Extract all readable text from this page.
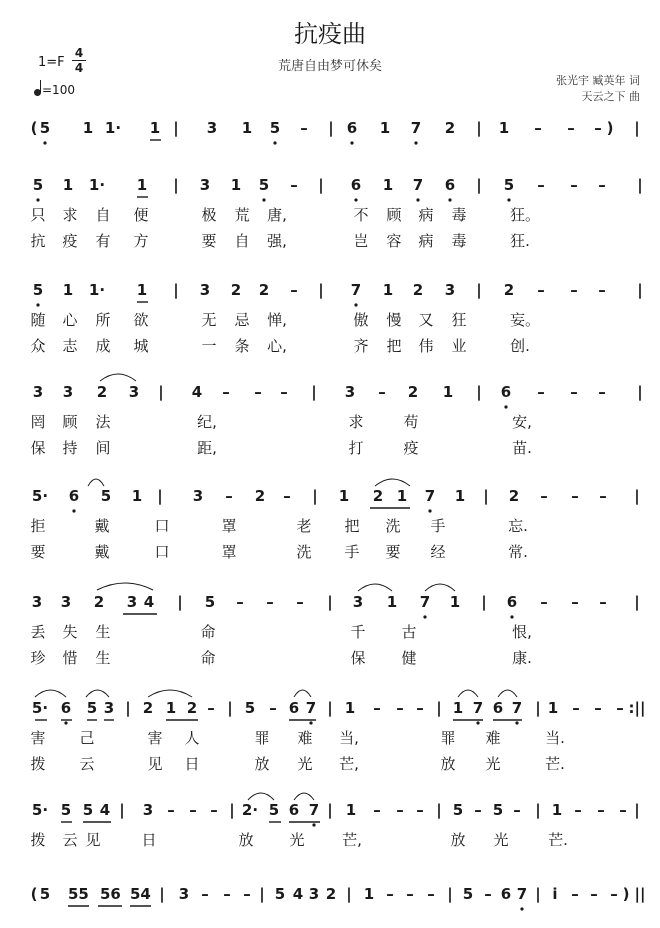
抗疫曲
荒唐自由梦可休矣
$1=F \frac{4}{4}$
=100
张光宇 臧英年 词
天云之下 曲
( 5	1 1·	1 |	3	1	5	–	| 6	1	7	2	|	1	–	–	– )	|
5	1	1·	1	|	3	1	5	–	|	6	1	7	6	|	5	–	–	–	|
只 求 自 便	极 荒 唐,	不 顾 病 毒	狂。
抗 疫 有 方	要 自 强,	岂 容 病 毒	狂.
5	1	1·	1	|	3	2	2	–	|	7	1	2	3	|	2	–	–	–	|
随 心 所 欲	无 忌 惮,	傲 慢 又 狂	妄。
众 志 成 城	一 条 心,	齐 把 伟 业	创.
3	3	2	3	|	4	–	–	–	|	3	–	2	1	|	6	–	–	–	|
罔 顾 法	纪,	求	苟	安,
保 持 间	距,	打	疫	苗.
5·	6	5	1	|	3	–	2	–	|	1	2 1	7	1	|	2	–	–	–	|
拒	戴	口	罩	老 把 洗 手	忘.
要	戴	口	罩	洗 手 要 经	常.
3	3	2	3 4	|	5	–	–	–	|	3	1	7	1	|	6	–	–	–	|
丢 失 生	命	千 古	恨,
珍 惜 生	命	保 健	康.
5· 6	5 3 | 2 1 2 – | 5 – 6 7 | 1	–	– – | 1 7 6 7 | 1 – – – :||
害 己	害 人	罪 难 当,	罪 难	当.
拨 云	见 日	放 光 芒,	放 光	芒.
5· 5 5 4 |	3 – – – | 2· 5 6 7 | 1	–	– – | 5 – 5 – | 1 –	– – |
拨 云 见	日	放 光	芒,	放 光	芒.
( 5	55 56 54 | 3 – – – | 5 4 3 2 | 1 – – – | 5 – 6 7 | i – – – ) ||
